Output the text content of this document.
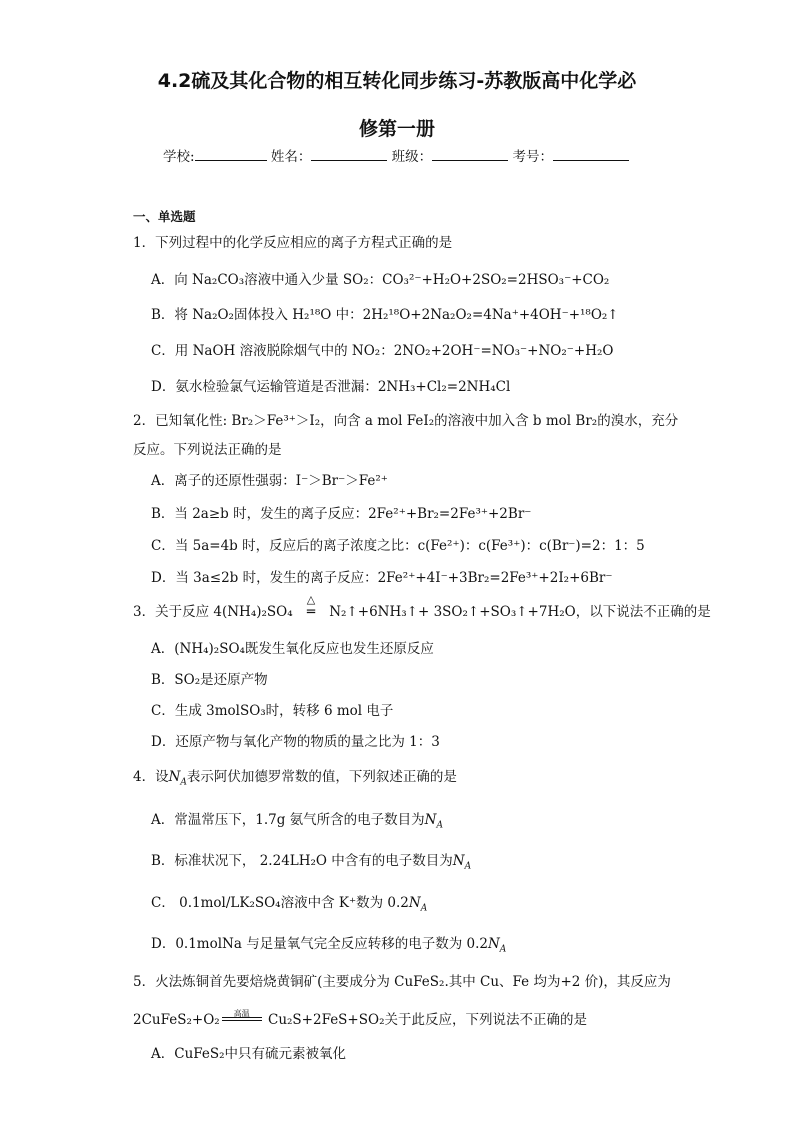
4.2硫及其化合物的相互转化同步练习-苏教版高中化学必
修第一册
学校:	姓名：	班级：	考号：
一、单选题
1．下列过程中的化学反应相应的离子方程式正确的是
A．向 Na₂CO₃溶液中通入少量 SO₂：CO₃²⁻+H₂O+2SO₂=2HSO₃⁻+CO₂
B．将 Na₂O₂固体投入 H₂¹⁸O 中：2H₂¹⁸O+2Na₂O₂=4Na⁺+4OH⁻+¹⁸O₂↑
C．用 NaOH 溶液脱除烟气中的 NO₂：2NO₂+2OH⁻=NO₃⁻+NO₂⁻+H₂O
D．氨水检验氯气运输管道是否泄漏：2NH₃+Cl₂=2NH₄Cl
2．已知氧化性: Br₂＞Fe³⁺＞I₂，向含 a mol FeI₂的溶液中加入含 b mol Br₂的溴水，充分
反应。下列说法正确的是
A．离子的还原性强弱：I⁻＞Br⁻＞Fe²⁺
B．当 2a≥b 时，发生的离子反应：2Fe²⁺+Br₂=2Fe³⁺+2Br⁻
C．当 5a=4b 时，反应后的离子浓度之比：c(Fe²⁺)：c(Fe³⁺)：c(Br⁻)=2：1：5
D．当 3a≤2b 时，发生的离子反应：2Fe²⁺+4I⁻+3Br₂=2Fe³⁺+2I₂+6Br⁻
3．关于反应 4(NH₄)₂SO₄
△
═ N₂↑+6NH₃↑+ 3SO₂↑+SO₃↑+7H₂O，以下说法不正确的是
A．(NH₄)₂SO₄既发生氧化反应也发生还原反应
B．SO₂是还原产物
C．生成 3molSO₃时，转移 6 mol 电子
D．还原产物与氧化产物的物质的量之比为 1：3
4．设$N_A$表示阿伏加德罗常数的值，下列叙述正确的是
A．常温常压下，1.7g 氨气所含的电子数目为$N_A$
B．标准状况下， 2.24LH₂O 中含有的电子数目为$N_A$
C． 0.1mol/LK₂SO₄溶液中含 K⁺数为 $0.2N_A$
D．0.1molNa 与足量氧气完全反应转移的电子数为 $0.2N_A$
5．火法炼铜首先要焙烧黄铜矿(主要成分为 CuFeS₂.其中 Cu、Fe 均为+2 价)，其反应为
2CuFeS₂+O₂	高温	Cu₂S+2FeS+SO₂关于此反应，下列说法不正确的是
A．CuFeS₂中只有硫元素被氧化
